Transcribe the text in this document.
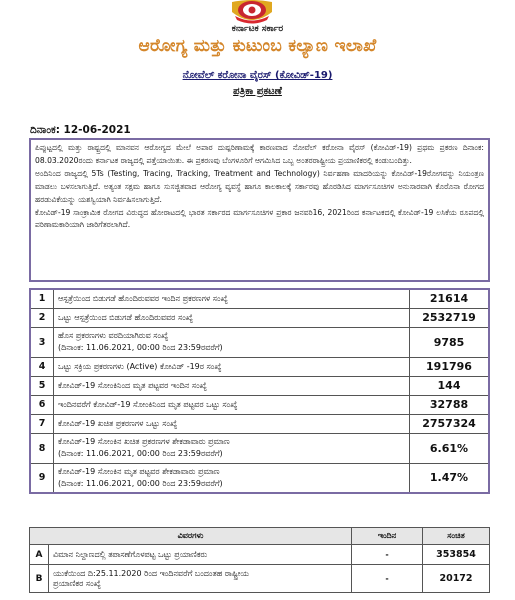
ಕರ್ನಾಟಕ ಸರ್ಕಾರ
ಆರೋಗ್ಯ ಮತ್ತು ಕುಟುಂಬ ಕಲ್ಯಾಣ ಇಲಾಖೆ
ನೋವೆಲ್ ಕರೋನಾ ವೈರಸ್ (ಕೋವಿಡ್-19)
ಪತ್ರಿಕಾ ಪ್ರಕಟಣೆ
ದಿನಾಂಕ: 12-06-2021

ಪಿಪ್ಪುಟ್ಟದಲ್ಲಿ ಮತ್ತು ರಾಷ್ಟ್ರದಲ್ಲಿ ಮಾನವನ ಆರೋಗ್ಯದ ಮೇಲೆ ಅಪಾರ ದುಷ್ಪರಿಣಾಮಕ್ಕೆ ಕಾರಣವಾದ ನೋವೆಲ್ ಕರೋನಾ ವೈರಸ್ (ಕೋವಿಡ್-19) ಪ್ರಥಮ ಪ್ರಕರಣ ದಿನಾಂಕ: 08.03.2020ರಂದು ಕರ್ನಾಟಕ ರಾಜ್ಯದಲ್ಲಿ ಪತ್ತೆಯಾಯಿತು. ಈ ಪ್ರಕರಣವು ಬೆಂಗಳೂರಿಗೆ ಆಗಮಿಸಿದ ಒಬ್ಬ ಅಂತರರಾಷ್ಟ್ರೀಯ ಪ್ರಯಾಣಿಕರಲ್ಲಿ ಕಂಡುಬಂದಿತ್ತು.

ಅಂದಿನಿಂದ ರಾಜ್ಯದಲ್ಲಿ 5Ts (Testing, Tracing, Tracking, Treatment and Technology) ನಿರ್ವಹಣಾ ಮಾದರಿಯನ್ನು ಕೋವಿಡ್-19ರೋಗವನ್ನು ನಿಯಂತ್ರಣ ಮಾಡಲು ಬಳಸಲಾಗುತ್ತಿದೆ. ಅತ್ಯಂತ ಸಕ್ಷಮ ಹಾಗೂ ಸುಸಜ್ಜಿತವಾದ ಆರೋಗ್ಯ ವ್ಯವಸ್ಥೆ ಹಾಗೂ ಕಾಲಕಾಲಕ್ಕೆ ಸರ್ಕಾರವು ಹೊರಡಿಸಿದ ಮಾರ್ಗಸೂಚಿಗಳ ಅನುಸಾರವಾಗಿ ಕೊರೊನಾ ರೋಗದ ಹರಡುವಿಕೆಯನ್ನು ಯಶಸ್ವಿಯಾಗಿ ನಿರ್ವಹಿಸಲಾಗುತ್ತಿದೆ.

ಕೋವಿಡ್-19 ಸಾಂಕ್ರಾಮಿಕ ರೋಗದ ವಿರುದ್ಧದ ಹೋರಾಟದಲ್ಲಿ ಭಾರತ ಸರ್ಕಾರದ ಮಾರ್ಗಸೂಚಿಗಳ ಪ್ರಕಾರ ಜನವರಿ16, 2021ರಿಂದ ಕರ್ನಾಟಕದಲ್ಲಿ ಕೋವಿಡ್-19 ಲಸಿಕೆಯ ರೂಪದಲ್ಲಿ ಪರಿಣಾಮಕಾರಿಯಾಗಿ ಜಾರಿಗೆತರಲಾಗಿದೆ.

1	ಆಸ್ಪತ್ರೆಯಿಂದ ಬಿಡುಗಡೆ ಹೊಂದಿರುವವರ ಇಂದಿನ ಪ್ರಕರಣಗಳ ಸಂಖ್ಯೆ	21614
2	ಒಟ್ಟು ಆಸ್ಪತ್ರೆಯಿಂದ ಬಿಡುಗಡೆ ಹೊಂದಿರುವವರ ಸಂಖ್ಯೆ	2532719
3	ಹೊಸ ಪ್ರಕರಣಗಳು ವರದಿಯಾಗಿರುವ ಸಂಖ್ಯೆ
(ದಿನಾಂಕ: 11.06.2021, 00:00 ರಿಂದ 23:59ರವರೆಗೆ)	9785
4	ಒಟ್ಟು ಸಕ್ರಿಯ ಪ್ರಕರಣಗಳು (Active) ಕೋವಿಡ್ -19ರ ಸಂಖ್ಯೆ	191796
5	ಕೋವಿಡ್-19 ಸೋಂಕಿನಿಂದ ಮೃತ ಪಟ್ಟವರ ಇಂದಿನ ಸಂಖ್ಯೆ	144
6	ಇಂದಿನವರೆಗೆ ಕೋವಿಡ್-19 ಸೋಂಕಿನಿಂದ ಮೃತ ಪಟ್ಟವರ ಒಟ್ಟು ಸಂಖ್ಯೆ	32788
7	ಕೋವಿಡ್-19 ಖಚಿತ ಪ್ರಕರಣಗಳ ಒಟ್ಟು ಸಂಖ್ಯೆ	2757324
8	ಕೋವಿಡ್-19 ಸೋಂಕಿನ ಖಚಿತ ಪ್ರಕರಣಗಳ ಶೇಕಡಾವಾರು ಪ್ರಮಾಣ
(ದಿನಾಂಕ: 11.06.2021, 00:00 ರಿಂದ 23:59ರವರೆಗೆ)	6.61%
9	ಕೋವಿಡ್-19 ಸೋಂಕಿನ ಮೃತ ಪಟ್ಟವರ ಶೇಕಡಾವಾರು ಪ್ರಮಾಣ
(ದಿನಾಂಕ: 11.06.2021, 00:00 ರಿಂದ 23:59ರವರೆಗೆ)	1.47%
ವಿವರಗಳು		ಇಂದಿನ	ಸಂಚಿತ
A	ವಿಮಾನ ನಿಲ್ದಾಣದಲ್ಲಿ ತಪಾಸಣೆಗೊಳಪಟ್ಟ ಒಟ್ಟು ಪ್ರಯಾಣಿಕರು	-	353854
B	ಯುಕೆಯಿಂದ ದಿ:25.11.2020 ರಿಂದ ಇಂದಿನವರೆಗೆ ಬಂದಂತಹ ರಾಷ್ಟ್ರೀಯ
ಪ್ರಯಾಣಿಕರ ಸಂಖ್ಯೆ	-	20172
